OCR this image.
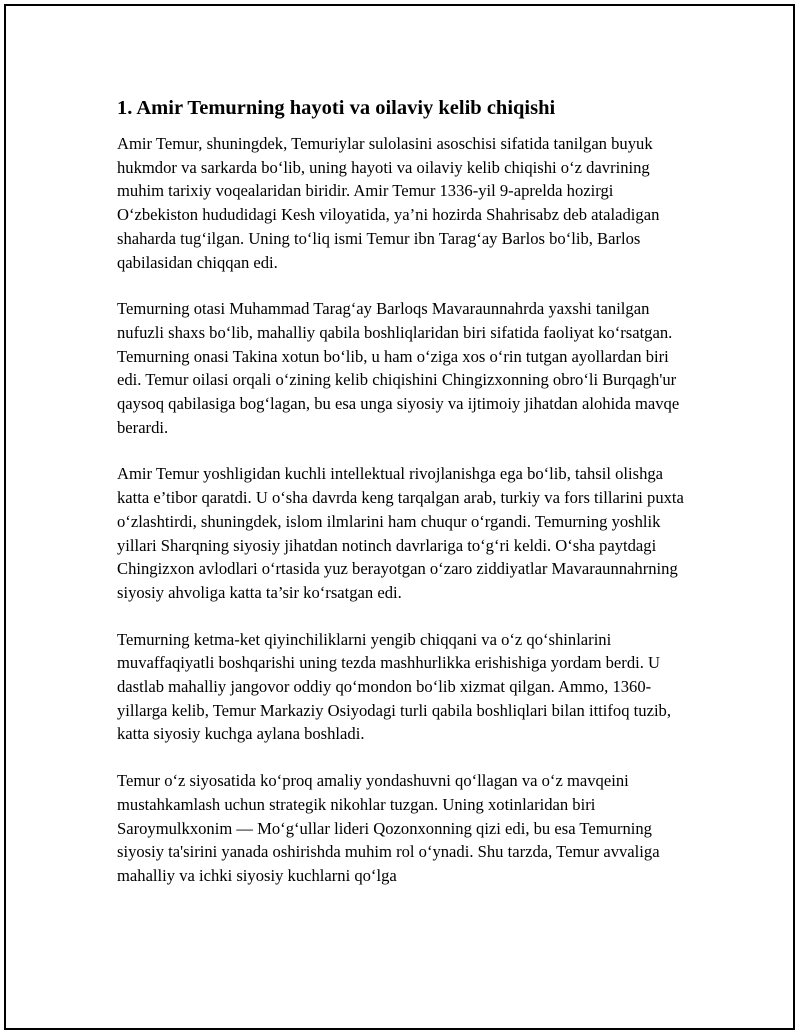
1. Amir Temurning hayoti va oilaviy kelib chiqishi

Amir Temur, shuningdek, Temuriylar sulolasini asoschisi sifatida tanilgan buyuk hukmdor va sarkarda bo‘lib, uning hayoti va oilaviy kelib chiqishi o‘z davrining muhim tarixiy voqealaridan biridir. Amir Temur 1336-yil 9-aprelda hozirgi O‘zbekiston hududidagi Kesh viloyatida, ya’ni hozirda Shahrisabz deb ataladigan shaharda tug‘ilgan. Uning to‘liq ismi Temur ibn Tarag‘ay Barlos bo‘lib, Barlos qabilasidan chiqqan edi.

Temurning otasi Muhammad Tarag‘ay Barloqs Mavaraunnahrda yaxshi tanilgan nufuzli shaxs bo‘lib, mahalliy qabila boshliqlaridan biri sifatida faoliyat ko‘rsatgan. Temurning onasi Takina xotun bo‘lib, u ham o‘ziga xos o‘rin tutgan ayollardan biri edi. Temur oilasi orqali o‘zining kelib chiqishini Chingizxonning obro‘li Burqagh'ur qaysoq qabilasiga bog‘lagan, bu esa unga siyosiy va ijtimoiy jihatdan alohida mavqe berardi.

Amir Temur yoshligidan kuchli intellektual rivojlanishga ega bo‘lib, tahsil olishga katta e’tibor qaratdi. U o‘sha davrda keng tarqalgan arab, turkiy va fors tillarini puxta o‘zlashtirdi, shuningdek, islom ilmlarini ham chuqur o‘rgandi. Temurning yoshlik yillari Sharqning siyosiy jihatdan notinch davrlariga to‘g‘ri keldi. O‘sha paytdagi Chingizxon avlodlari o‘rtasida yuz berayotgan o‘zaro ziddiyatlar Mavaraunnahrning siyosiy ahvoliga katta ta’sir ko‘rsatgan edi.

Temurning ketma-ket qiyinchiliklarni yengib chiqqani va o‘z qo‘shinlarini muvaffaqiyatli boshqarishi uning tezda mashhurlikka erishishiga yordam berdi. U dastlab mahalliy jangovor oddiy qo‘mondon bo‘lib xizmat qilgan. Ammo, 1360-yillarga kelib, Temur Markaziy Osiyodagi turli qabila boshliqlari bilan ittifoq tuzib, katta siyosiy kuchga aylana boshladi.

Temur o‘z siyosatida ko‘proq amaliy yondashuvni qo‘llagan va o‘z mavqeini mustahkamlash uchun strategik nikohlar tuzgan. Uning xotinlaridan biri Saroymulkxonim — Mo‘g‘ullar lideri Qozonxonning qizi edi, bu esa Temurning siyosiy ta'sirini yanada oshirishda muhim rol o‘ynadi. Shu tarzda, Temur avvaliga mahalliy va ichki siyosiy kuchlarni qo‘lga
